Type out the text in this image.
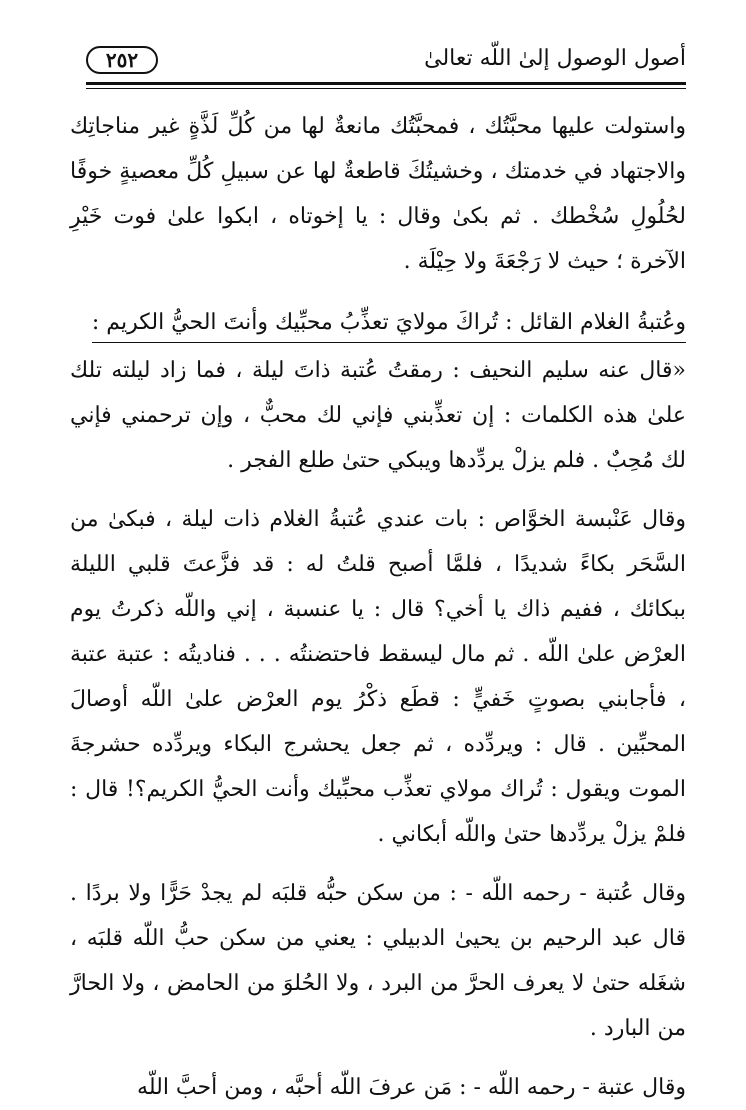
أصول الوصول إلىٰ اللّه تعالىٰ
٢٥٢

واستولت عليها محبَّتُك ، فمحبَّتُك مانعةٌ لها من كُلِّ لَذَّةٍ غير مناجاتِك والاجتهاد في خدمتك ، وخشيتُكَ قاطعةٌ لها عن سبيلِ كُلِّ معصيةٍ خوفًا لحُلُولِ سُخْطك . ثم بكىٰ وقال : يا إخوتاه ، ابكوا علىٰ فوت خَيْرِ الآخرة ؛ حيث لا رَجْعَةَ ولا حِيْلَة .

وعُتبةُ الغلام القائل : تُراكَ مولايَ تعذِّبُ محبِّيك وأنتَ الحيُّ الكريم :

«قال عنه سليم النحيف : رمقتُ عُتبة ذاتَ ليلة ، فما زاد ليلته تلك علىٰ هذه الكلمات : إن تعذِّبني فإني لك محبٌّ ، وإن ترحمني فإني لك مُحِبٌ . فلم يزلْ يردِّدها ويبكي حتىٰ طلع الفجر .

وقال عَنْبسة الخوَّاص : بات عندي عُتبةُ الغلام ذات ليلة ، فبكىٰ من السَّحَر بكاءً شديدًا ، فلمَّا أصبح قلتُ له : قد فزَّعتَ قلبي الليلة ببكائك ، ففيم ذاك يا أخي؟ قال : يا عنسبة ، إني واللّه ذكرتُ يوم العرْض علىٰ اللّه . ثم مال ليسقط فاحتضنتُه . . . فناديتُه : عتبة عتبة ، فأجابني بصوتٍ خَفيٍّ : قطَع ذكْرُ يوم العرْض علىٰ اللّه أوصالَ المحبِّين . قال : ويردِّده ، ثم جعل يحشرج البكاء ويردِّده حشرجةَ الموت ويقول : تُراك مولاي تعذِّب محبِّيك وأنت الحيُّ الكريم؟! قال : فلمْ يزلْ يردِّدها حتىٰ واللّه أبكاني .

وقال عُتبة - رحمه اللّه - : من سكن حبُّه قلبَه لم يجدْ حَرًّا ولا بردًا . قال عبد الرحيم بن يحيىٰ الدبيلي : يعني من سكن حبُّ اللّه قلبَه ، شغَله حتىٰ لا يعرف الحرَّ من البرد ، ولا الحُلوَ من الحامض ، ولا الحارَّ من البارد .

وقال عتبة - رحمه اللّه - : مَن عرفَ اللّه أحبَّه ، ومن أحبَّ اللّه
